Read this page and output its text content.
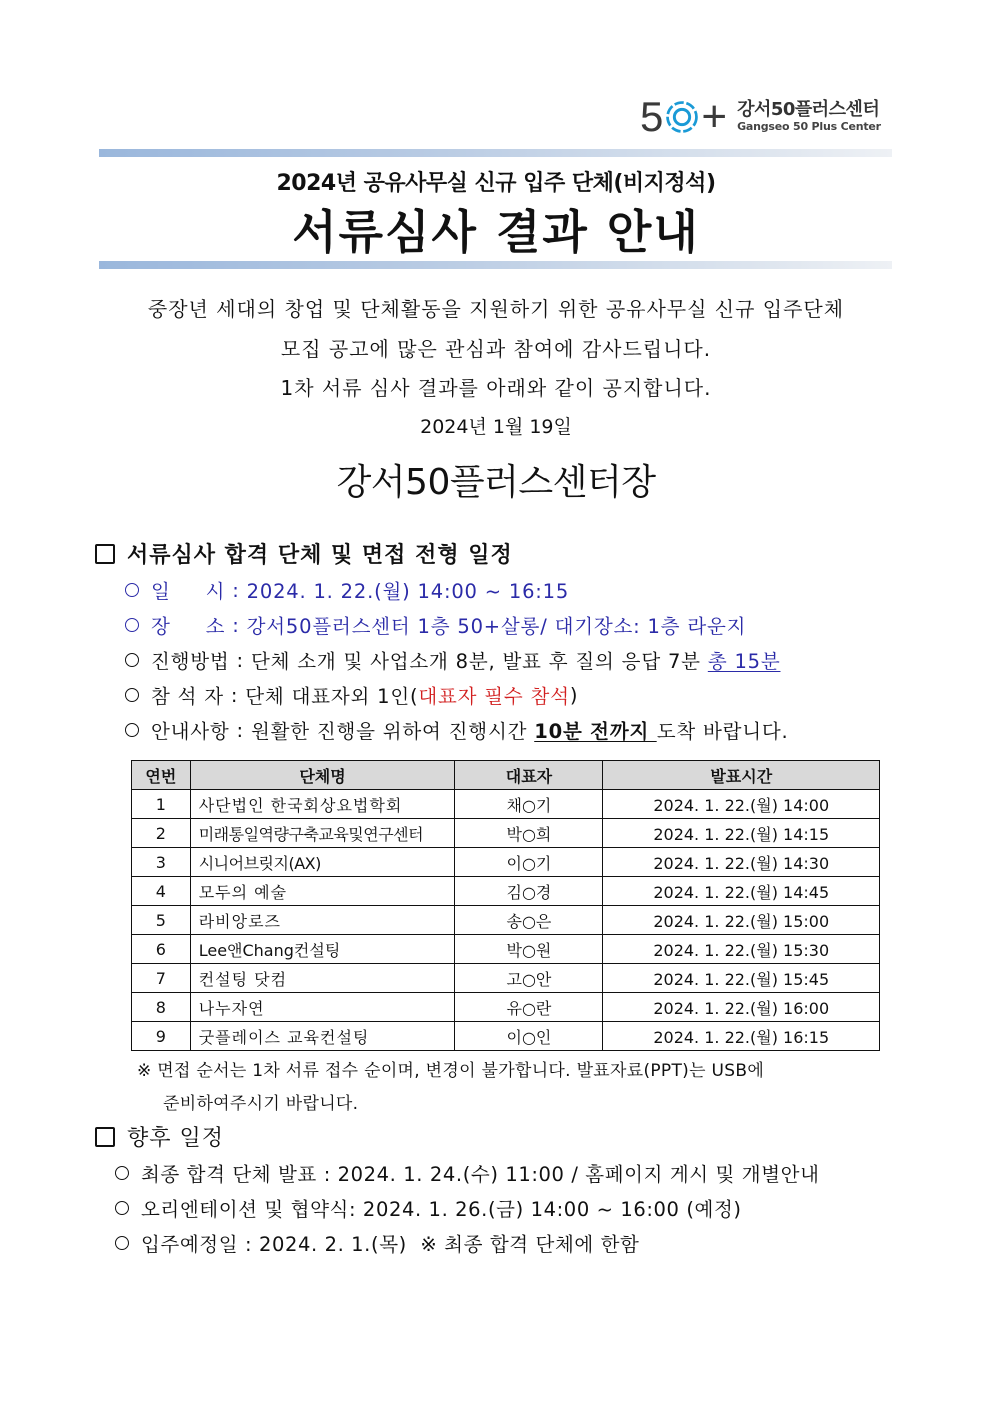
5 + 강서50플러스센터
Gangseo 50 Plus Center
2024년 공유사무실 신규 입주 단체(비지정석)
서류심사 결과 안내
중장년 세대의 창업 및 단체활동을 지원하기 위한 공유사무실 신규 입주단체
모집 공고에 많은 관심과 참여에 감사드립니다.
1차 서류 심사 결과를 아래와 같이 공지합니다.
2024년 1월 19일
강서50플러스센터장
서류심사 합격 단체 및 면접 전형 일정
일     시 : 2024. 1. 22.(월) 14:00 ~ 16:15
장     소 : 강서50플러스센터 1층 50+살롱/ 대기장소: 1층 라운지
진행방법 : 단체 소개 및 사업소개 8분, 발표 후 질의 응답 7분 총 15분
참 석 자 : 단체 대표자외 1인( 대표자 필수 참석 )
안내사항 : 원활한 진행을 위하여 진행시간 10분 전까지 도착 바랍니다.
연번	단체명	대표자	발표시간
1	사단법인 한국회상요법학회	채○기	2024. 1. 22.(월) 14:00
2	미래통일역량구축교육및연구센터	박○희	2024. 1. 22.(월) 14:15
3	시니어브릿지(AX)	이○기	2024. 1. 22.(월) 14:30
4	모두의 예술	김○경	2024. 1. 22.(월) 14:45
5	라비앙로즈	송○은	2024. 1. 22.(월) 15:00
6	Lee앤Chang컨설팅	박○원	2024. 1. 22.(월) 15:30
7	컨설팅 닷컴	고○안	2024. 1. 22.(월) 15:45
8	나누자연	유○란	2024. 1. 22.(월) 16:00
9	굿플레이스 교육컨설팅	이○인	2024. 1. 22.(월) 16:15
※ 면접 순서는 1차 서류 접수 순이며, 변경이 불가합니다. 발표자료(PPT)는 USB에
준비하여주시기 바랍니다.
향후 일정
최종 합격 단체 발표 : 2024. 1. 24.(수) 11:00 / 홈페이지 게시 및 개별안내
오리엔테이션 및 협약식: 2024. 1. 26.(금) 14:00 ~ 16:00 (예정)
입주예정일 : 2024. 2. 1.(목)  ※ 최종 합격 단체에 한함
